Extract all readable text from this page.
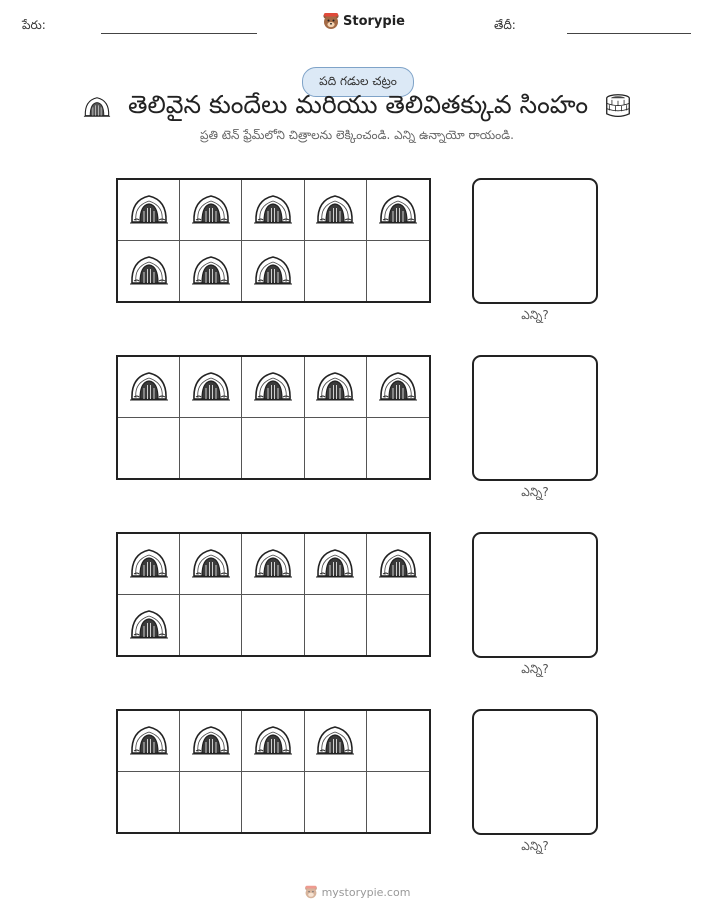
పేరు:	Storypie	తేదీ:
పది గడుల చట్రం
తెలివైన కుందేలు మరియు తెలివితక్కువ సింహం
ప్రతి టెన్ ఫ్రేమ్‌లోని చిత్రాలను లెక్కించండి. ఎన్ని ఉన్నాయో రాయండి.
ఎన్ని?
ఎన్ని?
ఎన్ని?
ఎన్ని?
mystorypie.com
